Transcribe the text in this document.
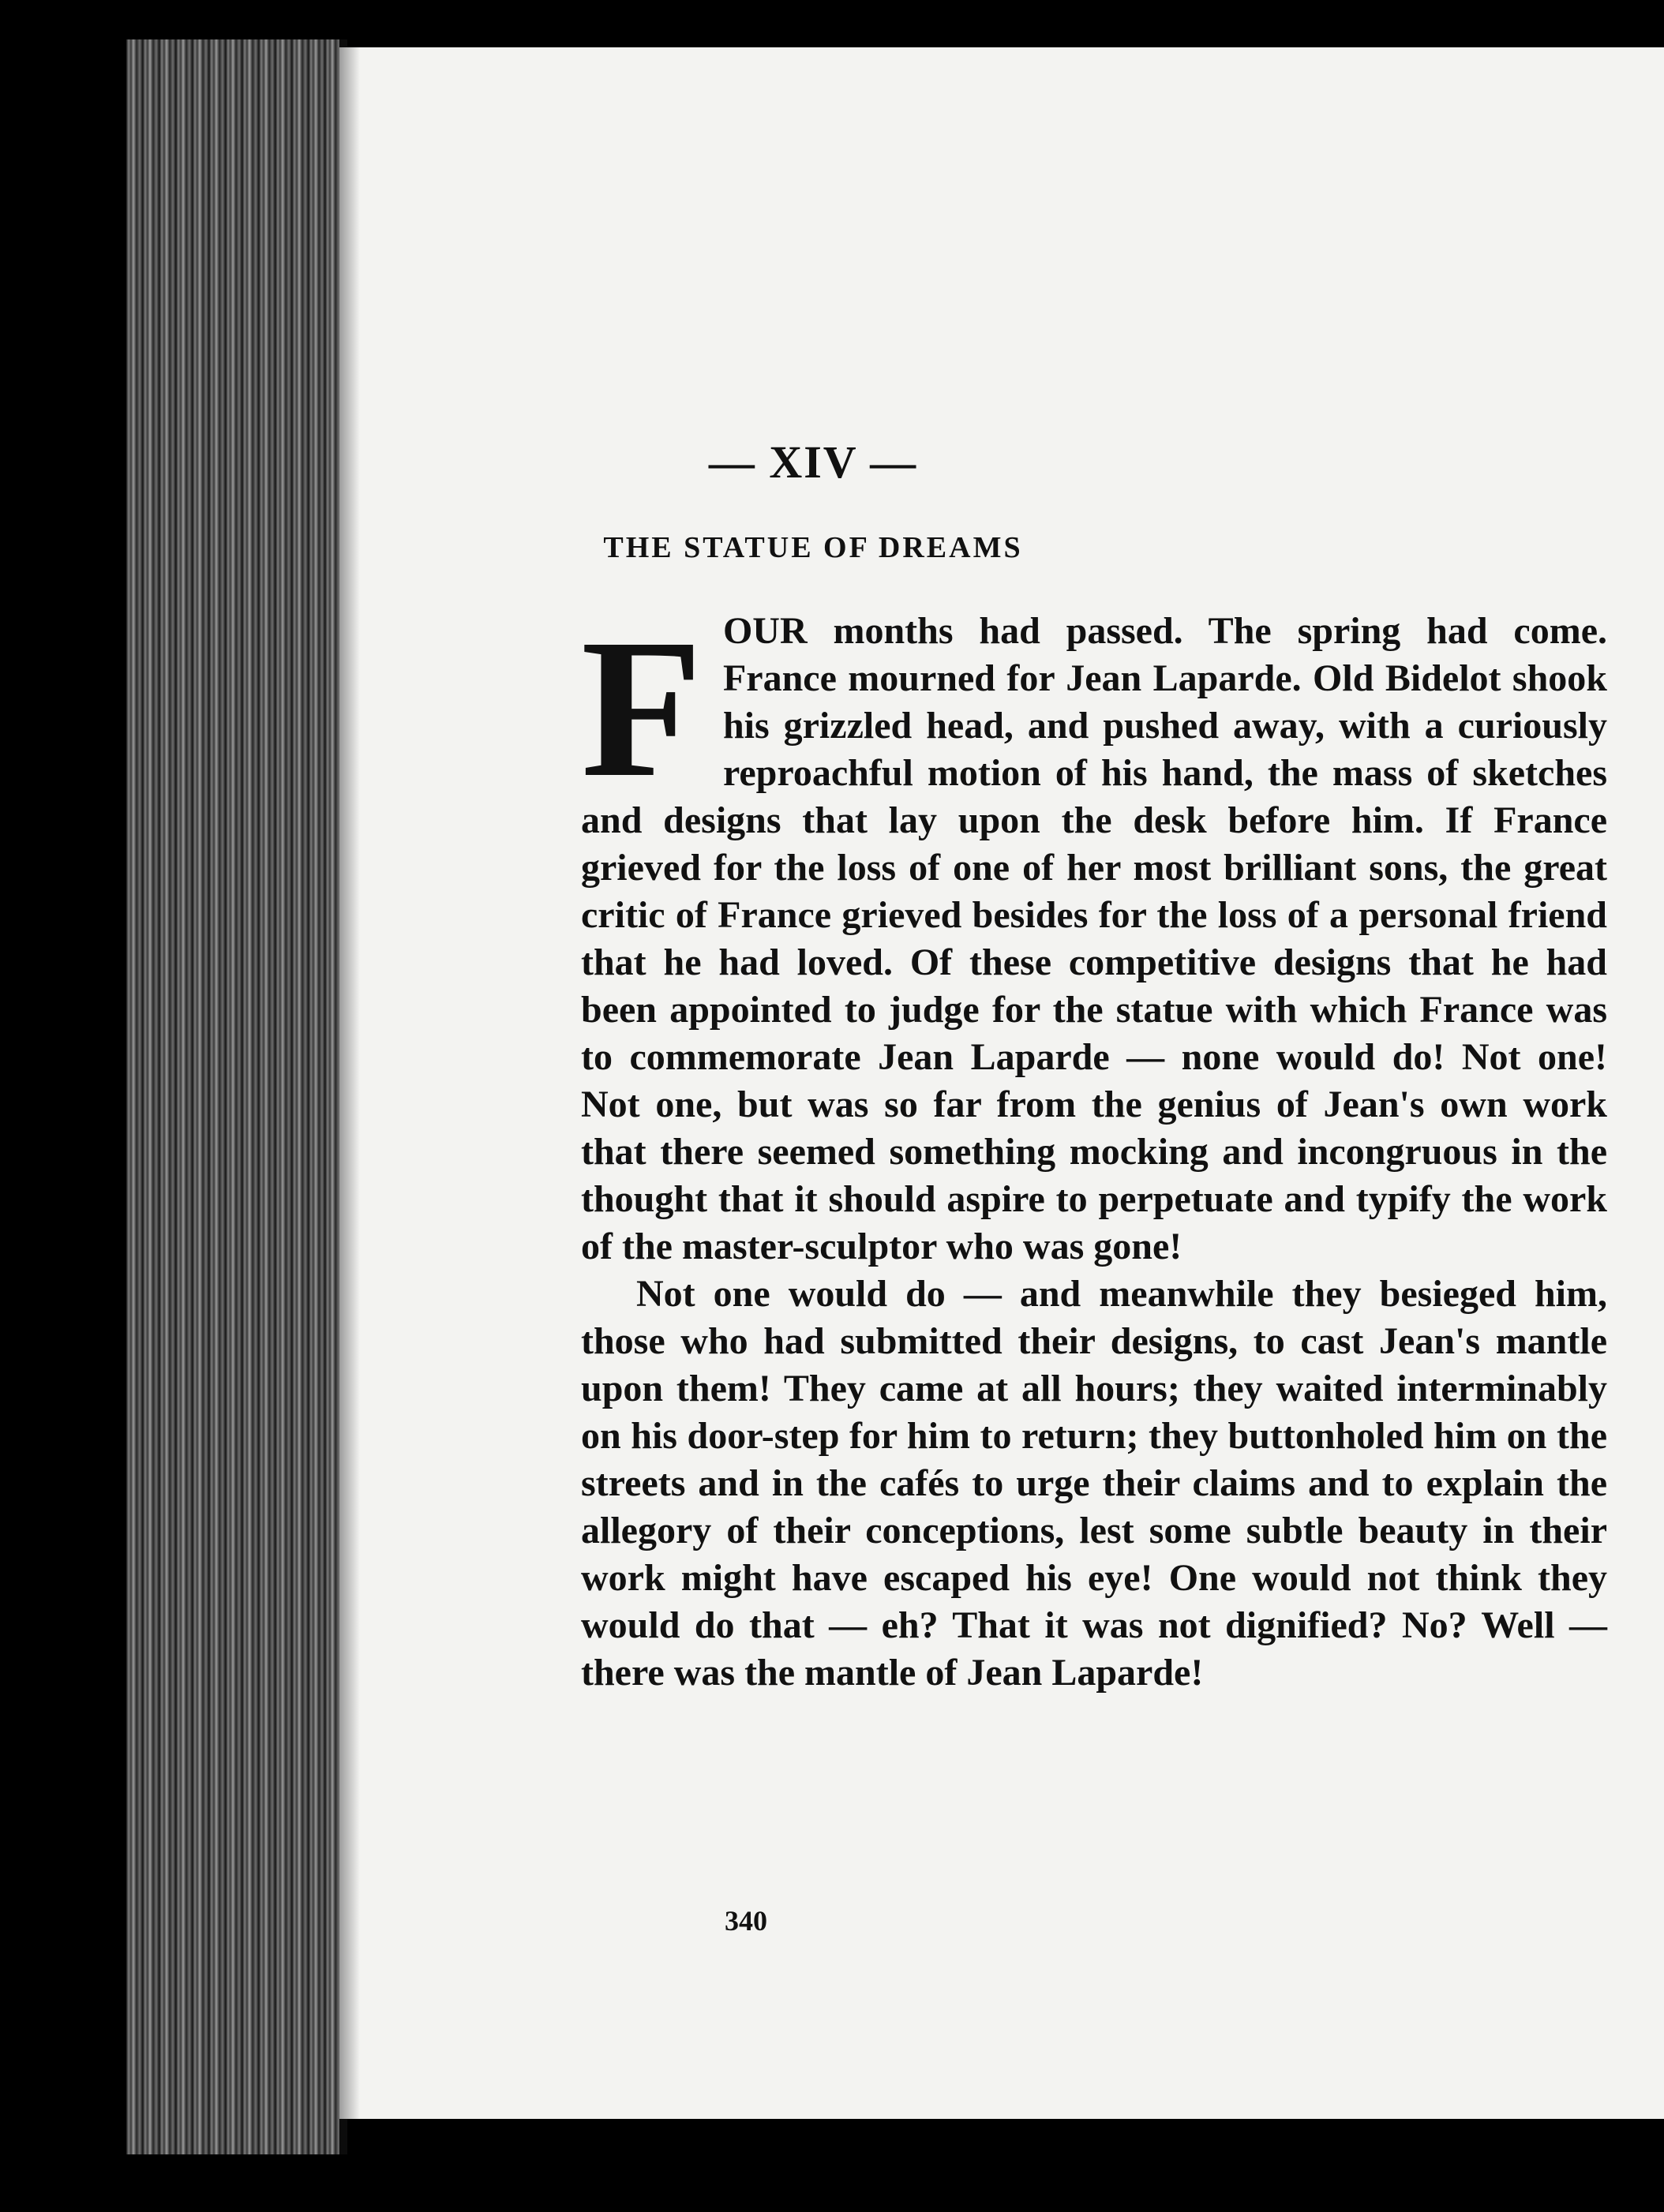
— XIV —
THE STATUE OF DREAMS

FOUR months had passed. The spring had come. France mourned for Jean Laparde. Old Bidelot shook his grizzled head, and pushed away, with a curiously reproachful motion of his hand, the mass of sketches and designs that lay upon the desk before him. If France grieved for the loss of one of her most brilliant sons, the great critic of France grieved besides for the loss of a personal friend that he had loved. Of these competitive designs that he had been appointed to judge for the statue with which France was to commemorate Jean Laparde — none would do! Not one! Not one, but was so far from the genius of Jean's own work that there seemed something mocking and incongruous in the thought that it should aspire to perpetuate and typify the work of the master-sculptor who was gone!

Not one would do — and meanwhile they besieged him, those who had submitted their designs, to cast Jean's mantle upon them! They came at all hours; they waited interminably on his door-step for him to return; they buttonholed him on the streets and in the cafés to urge their claims and to explain the allegory of their conceptions, lest some subtle beauty in their work might have escaped his eye! One would not think they would do that — eh? That it was not dignified? No? Well — there was the mantle of Jean Laparde!

340
